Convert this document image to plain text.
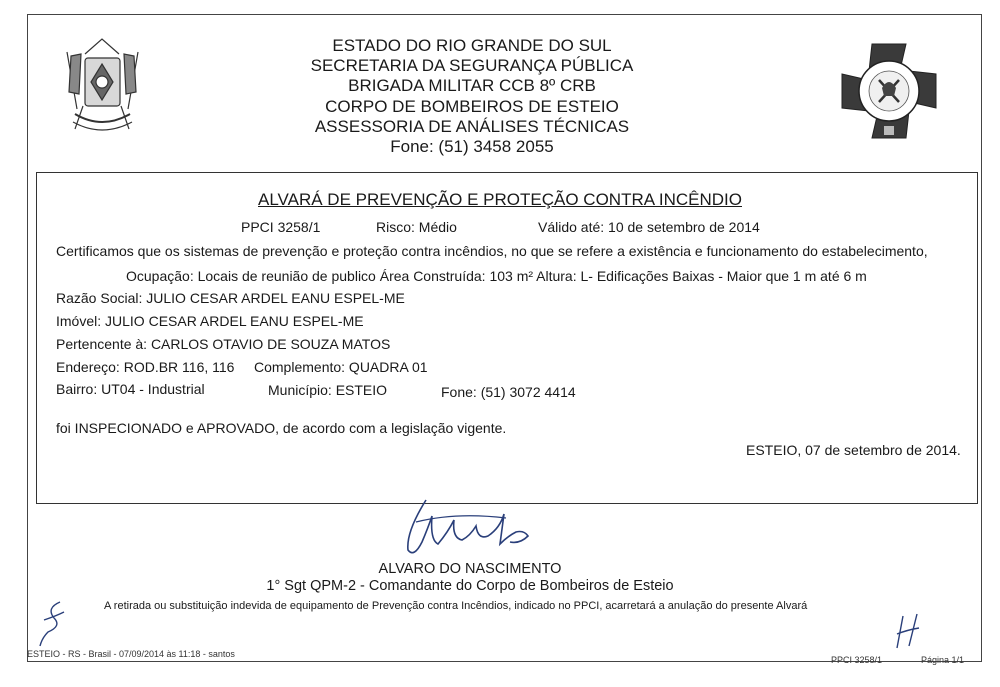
ESTADO DO RIO GRANDE DO SUL
SECRETARIA DA SEGURANÇA PÚBLICA
BRIGADA MILITAR CCB 8º CRB
CORPO DE BOMBEIROS DE ESTEIO
ASSESSORIA DE ANÁLISES TÉCNICAS
Fone: (51) 3458 2055
ALVARÁ DE PREVENÇÃO E PROTEÇÃO CONTRA INCÊNDIO
PPCI 3258/1	Risco: Médio	Válido até: 10 de setembro de 2014
Certificamos que os sistemas de prevenção e proteção contra incêndios, no que se refere a existência e funcionamento do estabelecimento,
Ocupação: Locais de reunião de publico Área Construída: 103 m² Altura: L- Edificações Baixas - Maior que 1 m até 6 m
Razão Social: JULIO CESAR ARDEL EANU ESPEL-ME
Imóvel: JULIO CESAR ARDEL EANU ESPEL-ME
Pertencente à: CARLOS OTAVIO DE SOUZA MATOS
Endereço: ROD.BR 116, 116 Complemento: QUADRA 01
Bairro: UT04 - Industrial	Município: ESTEIO	Fone: (51) 3072 4414
foi INSPECIONADO e APROVADO, de acordo com a legislação vigente.
ESTEIO, 07 de setembro de 2014.
ALVARO DO NASCIMENTO
1° Sgt QPM-2 - Comandante do Corpo de Bombeiros de Esteio
A retirada ou substituição indevida de equipamento de Prevenção contra Incêndios, indicado no PPCI, acarretará a anulação do presente Alvará
ESTEIO - RS - Brasil - 07/09/2014 às 11:18 - santos
PPCI 3258/1	Página 1/1
